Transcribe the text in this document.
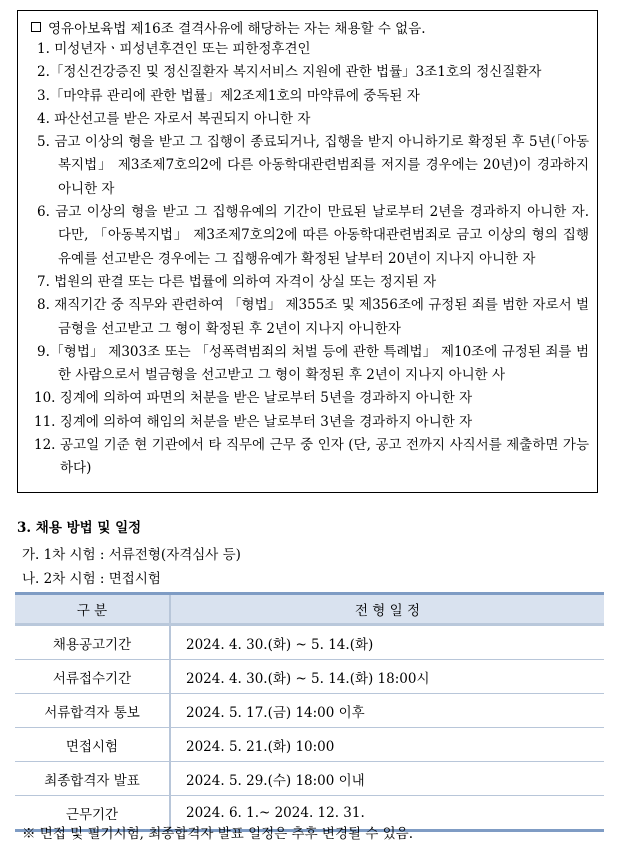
영유아보육법 제16조 결격사유에 해당하는 자는 채용할 수 없음.
1. 미성년자ㆍ피성년후견인 또는 피한정후견인
2.「정신건강증진 및 정신질환자 복지서비스 지원에 관한 법률」3조1호의 정신질환자
3.「마약류 관리에 관한 법률」제2조제1호의 마약류에 중독된 자
4. 파산선고를 받은 자로서 복권되지 아니한 자
5. 금고 이상의 형을 받고 그 집행이 종료되거나, 집행을 받지 아니하기로 확정된 후 5년(「아동복지법」 제3조제7호의2에 다른 아동학대관련범죄를 저지를 경우에는 20년)이 경과하지 아니한 자
6. 금고 이상의 형을 받고 그 집행유예의 기간이 만료된 날로부터 2년을 경과하지 아니한 자. 다만, 「아동복지법」 제3조제7호의2에 따른 아동학대관련범죄로 금고 이상의 형의 집행유예를 선고받은 경우에는 그 집행유예가 확정된 날부터 20년이 지나지 아니한 자
7. 법원의 판결 또는 다른 법률에 의하여 자격이 상실 또는 정지된 자
8. 재직기간 중 직무와 관련하여 「형법」 제355조 및 제356조에 규정된 죄를 범한 자로서 벌금형을 선고받고 그 형이 확정된 후 2년이 지나지 아니한자
9.「형법」 제303조 또는 「성폭력범죄의 처벌 등에 관한 특례법」 제10조에 규정된 죄를 범한 사람으로서 벌금형을 선고받고 그 형이 확정된 후 2년이 지나지 아니한 사
10. 징계에 의하여 파면의 처분을 받은 날로부터 5년을 경과하지 아니한 자
11. 징계에 의하여 해임의 처분을 받은 날로부터 3년을 경과하지 아니한 자
12. 공고일 기준 현 기관에서 타 직무에 근무 중 인자 (단, 공고 전까지 사직서를 제출하면 가능하다)
3. 채용 방법 및 일정
가. 1차 시험 : 서류전형(자격심사 등)
나. 2차 시험 : 면접시험
구 분	전 형 일 정
채용공고기간	2024. 4. 30.(화) ~ 5. 14.(화)
서류접수기간	2024. 4. 30.(화) ~ 5. 14.(화) 18:00시
서류합격자 통보	2024. 5. 17.(금) 14:00 이후
면접시험	2024. 5. 21.(화) 10:00
최종합격자 발표	2024. 5. 29.(수) 18:00 이내
근무기간	2024. 6. 1.~ 2024. 12. 31.
※ 면접 및 필기시험, 최종합격자 발표 일정은 추후 변경될 수 있음.
